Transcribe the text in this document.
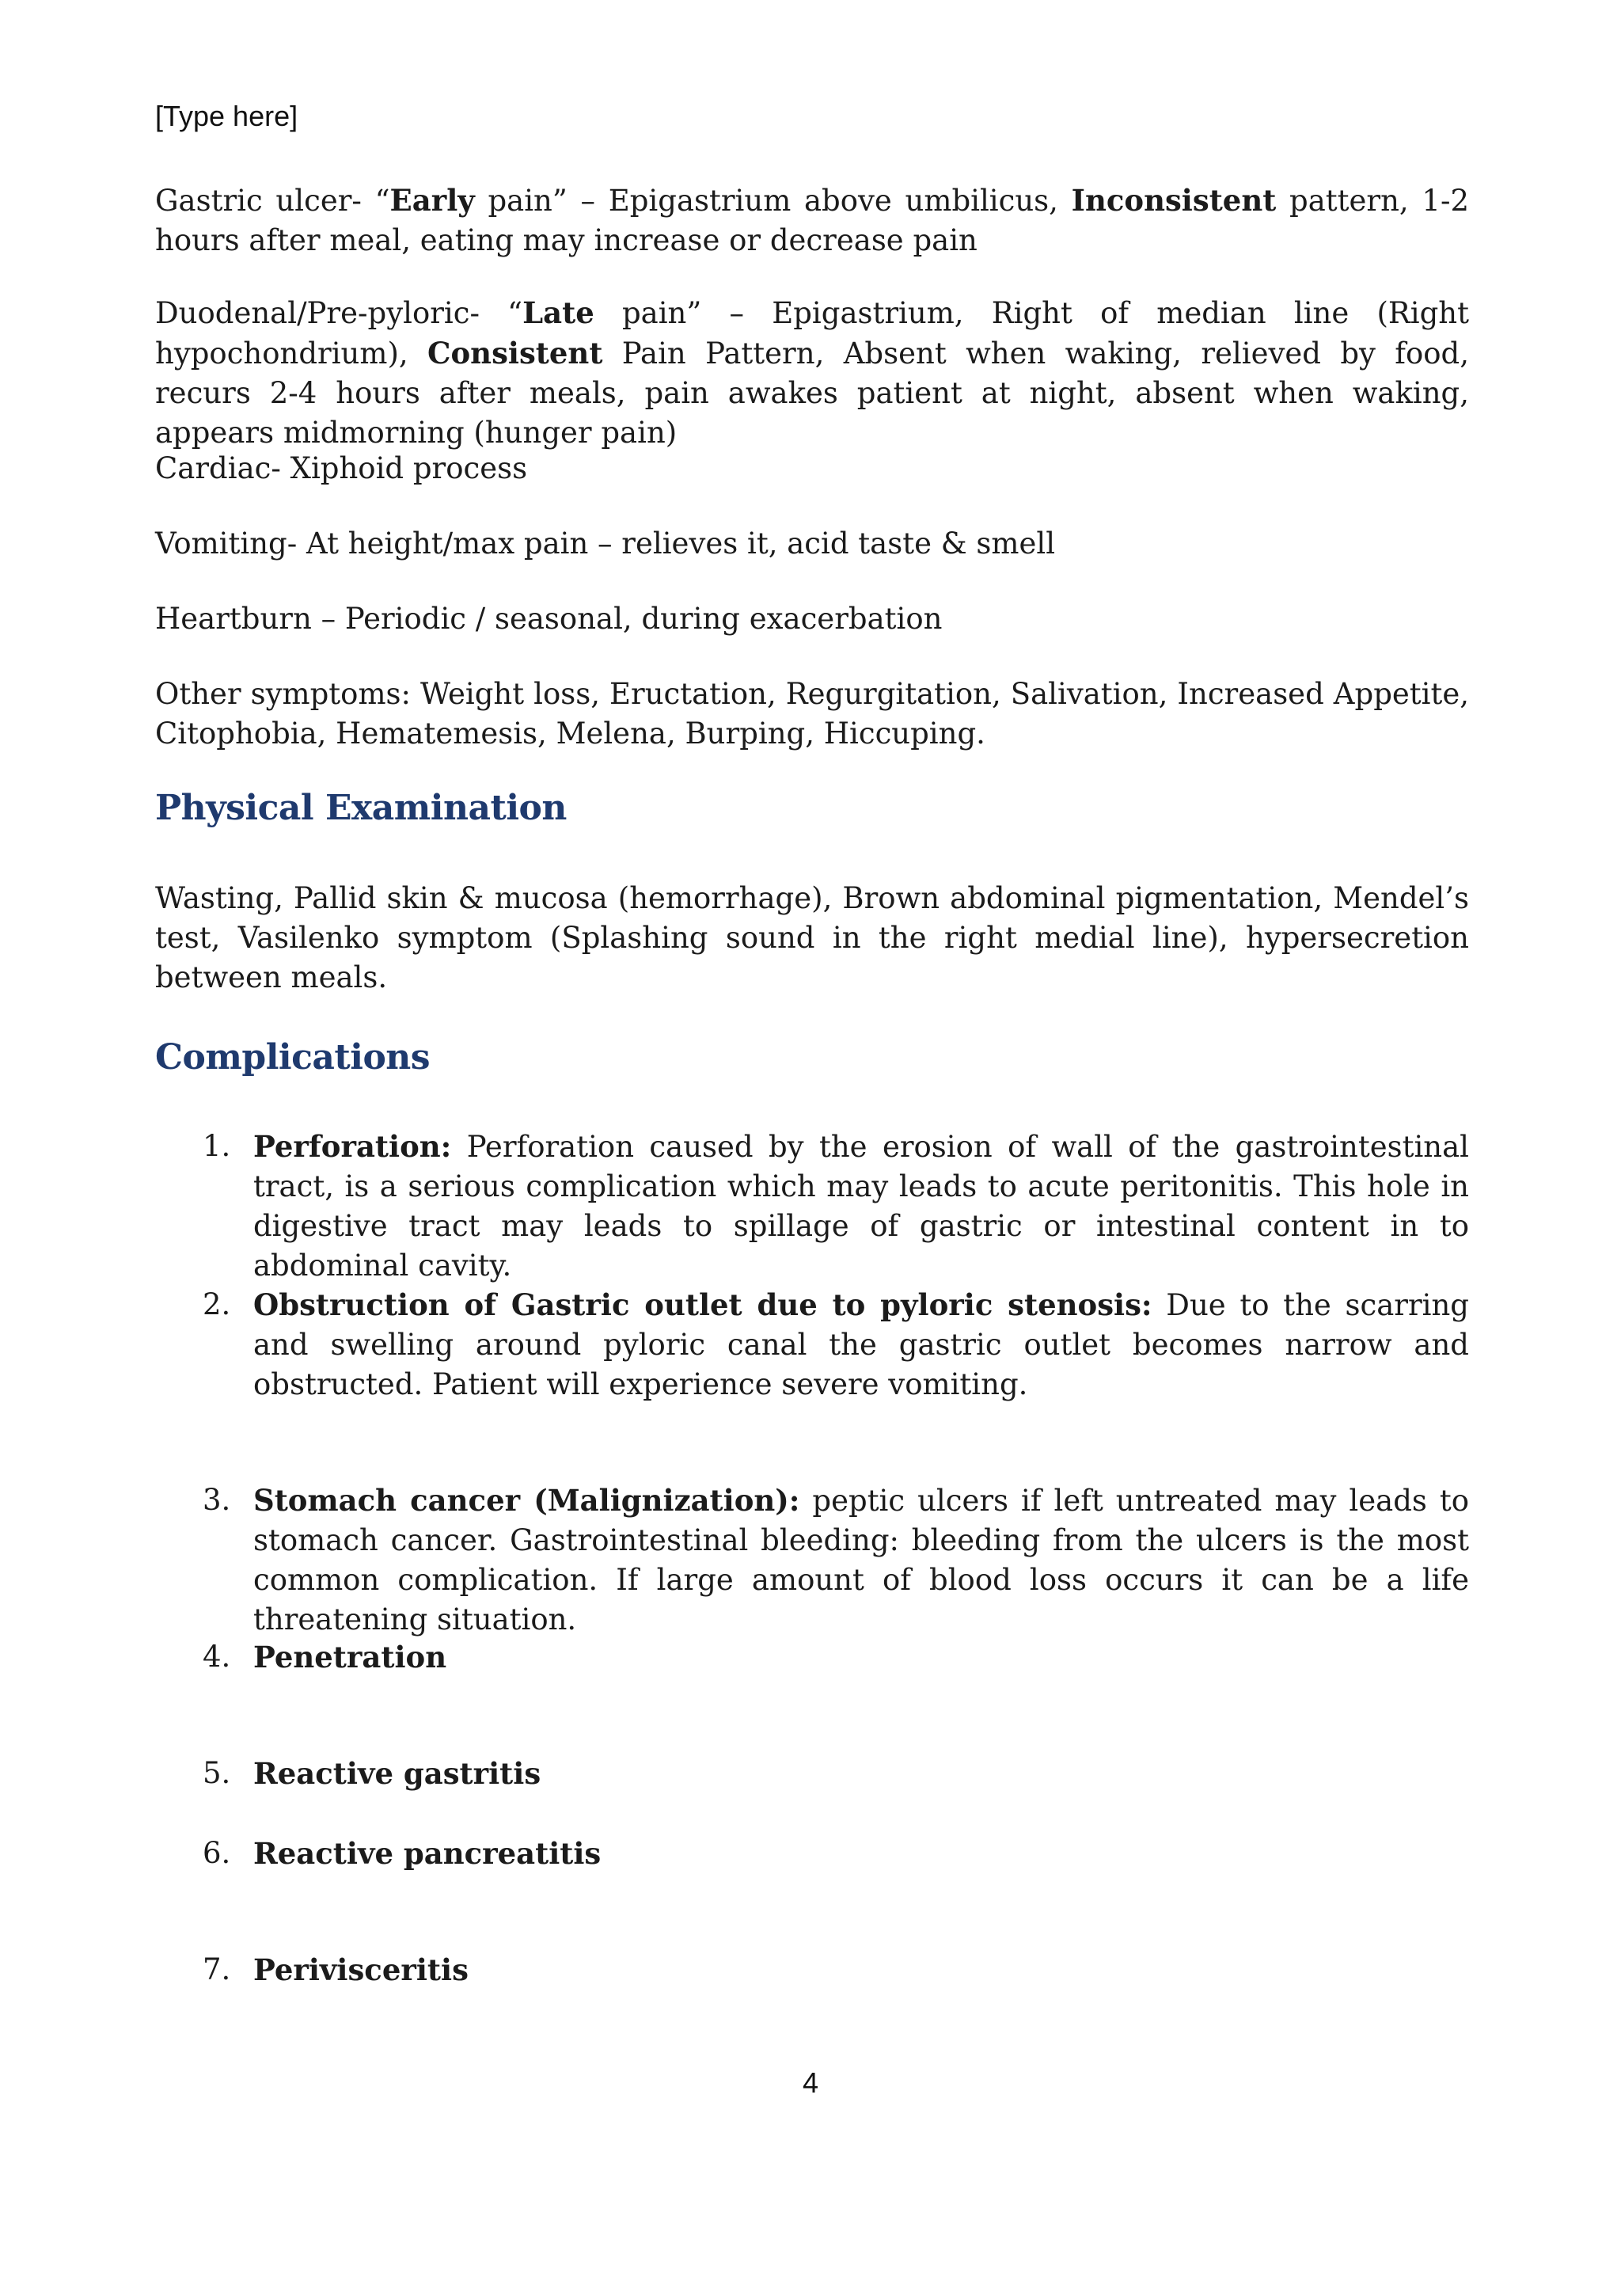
[Type here]

Gastric ulcer- “Early pain” – Epigastrium above umbilicus, Inconsistent pattern, 1-2 hours after meal, eating may increase or decrease pain

Duodenal/Pre-pyloric- “Late pain” – Epigastrium, Right of median line (Right hypochondrium), Consistent Pain Pattern, Absent when waking, relieved by food, recurs 2-4 hours after meals, pain awakes patient at night, absent when waking, appears midmorning (hunger pain)

Cardiac- Xiphoid process

Vomiting- At height/max pain – relieves it, acid taste & smell

Heartburn – Periodic / seasonal, during exacerbation

Other symptoms: Weight loss, Eructation, Regurgitation, Salivation, Increased Appetite, Citophobia, Hematemesis, Melena, Burping, Hiccuping.

Physical Examination

Wasting, Pallid skin & mucosa (hemorrhage), Brown abdominal pigmentation, Mendel’s test, Vasilenko symptom (Splashing sound in the right medial line), hypersecretion between meals.

Complications
1. Perforation: Perforation caused by the erosion of wall of the gastrointestinal tract, is a serious complication which may leads to acute peritonitis. This hole in digestive tract may leads to spillage of gastric or intestinal content in to abdominal cavity.
2. Obstruction of Gastric outlet due to pyloric stenosis: Due to the scarring and swelling around pyloric canal the gastric outlet becomes narrow and obstructed. Patient will experience severe vomiting.
3. Stomach cancer (Malignization): peptic ulcers if left untreated may leads to stomach cancer. Gastrointestinal bleeding: bleeding from the ulcers is the most common complication. If large amount of blood loss occurs it can be a life threatening situation.
4. Penetration
5. Reactive gastritis
6. Reactive pancreatitis
7. Perivisceritis
4
